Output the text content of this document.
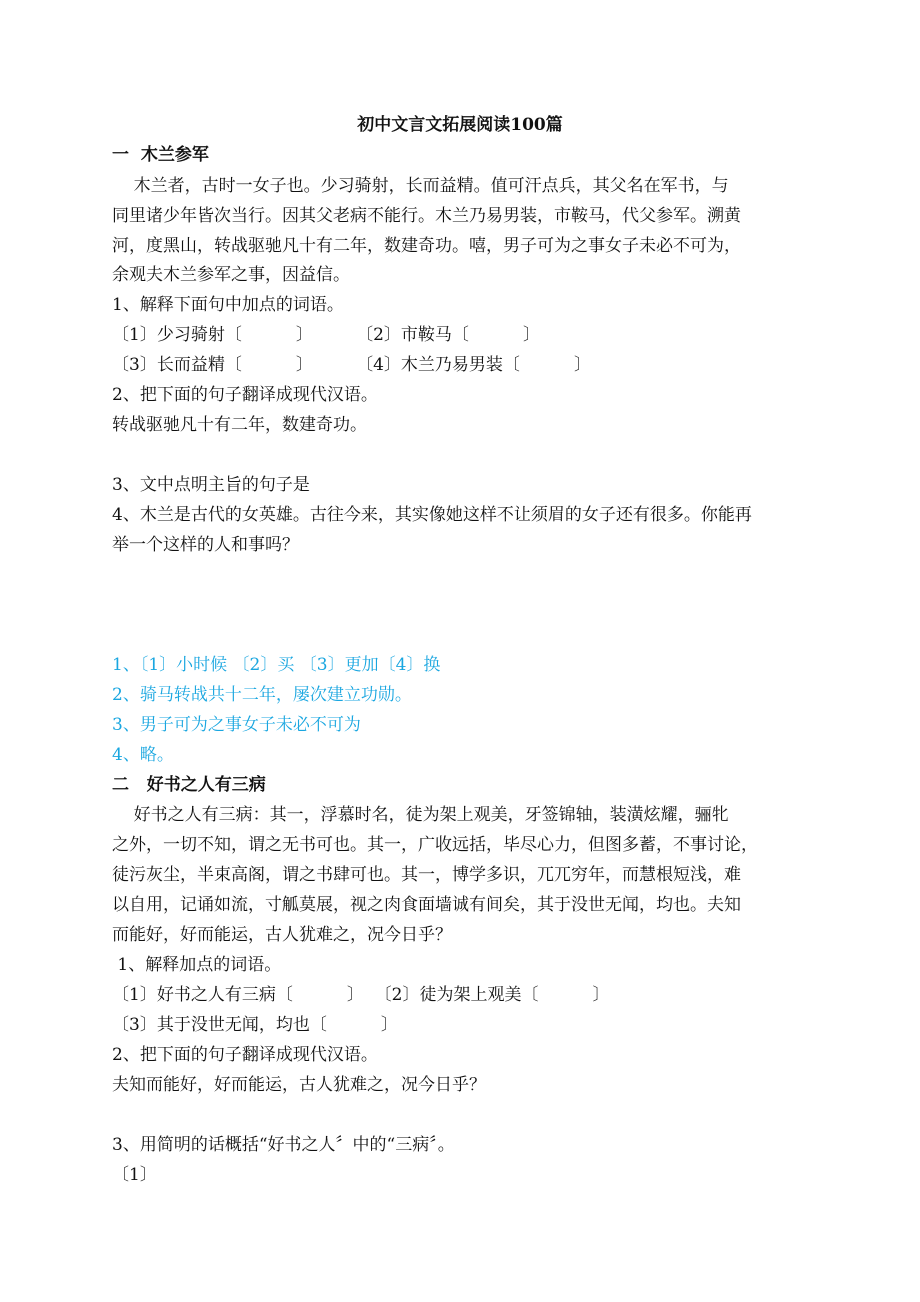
初中文言文拓展阅读100篇
一  木兰参军
木兰者，古时一女子也。少习骑射，长而益精。值可汗点兵，其父名在军书，与
同里诸少年皆次当行。因其父老病不能行。木兰乃易男装，市鞍马，代父参军。溯黄
河，度黑山，转战驱驰凡十有二年，数建奇功。嘻，男子可为之事女子未必不可为，
余观夫木兰参军之事，因益信。
1、解释下面句中加点的词语。
〔1〕少习骑射〔          〕        〔2〕市鞍马〔          〕
〔3〕长而益精〔          〕        〔4〕木兰乃易男装〔          〕
2、把下面的句子翻译成现代汉语。
转战驱驰凡十有二年，数建奇功。
3、文中点明主旨的句子是
4、木兰是古代的女英雄。古往今来，其实像她这样不让须眉的女子还有很多。你能再
举一个这样的人和事吗？
1、〔1〕小时候 〔2〕买 〔3〕更加〔4〕换
2、骑马转战共十二年，屡次建立功勋。
3、男子可为之事女子未必不可为
4、略。
二   好书之人有三病
好书之人有三病：其一，浮慕时名，徒为架上观美，牙签锦轴，装潢炫耀，骊牝
之外，一切不知，谓之无书可也。其一，广收远括，毕尽心力，但图多蓄，不事讨论，
徒污灰尘，半束高阁，谓之书肆可也。其一，博学多识，兀兀穷年，而慧根短浅，难
以自用，记诵如流，寸觚莫展，视之肉食面墙诚有间矣，其于没世无闻，均也。夫知
而能好，好而能运，古人犹难之，况今日乎？
1、解释加点的词语。
〔1〕好书之人有三病〔          〕  〔2〕徒为架上观美〔          〕
〔3〕其于没世无闻，均也〔          〕
2、把下面的句子翻译成现代汉语。
夫知而能好，好而能运，古人犹难之，况今日乎？
3、用简明的话概括“好书之人〞中的“三病〞。
〔1〕
